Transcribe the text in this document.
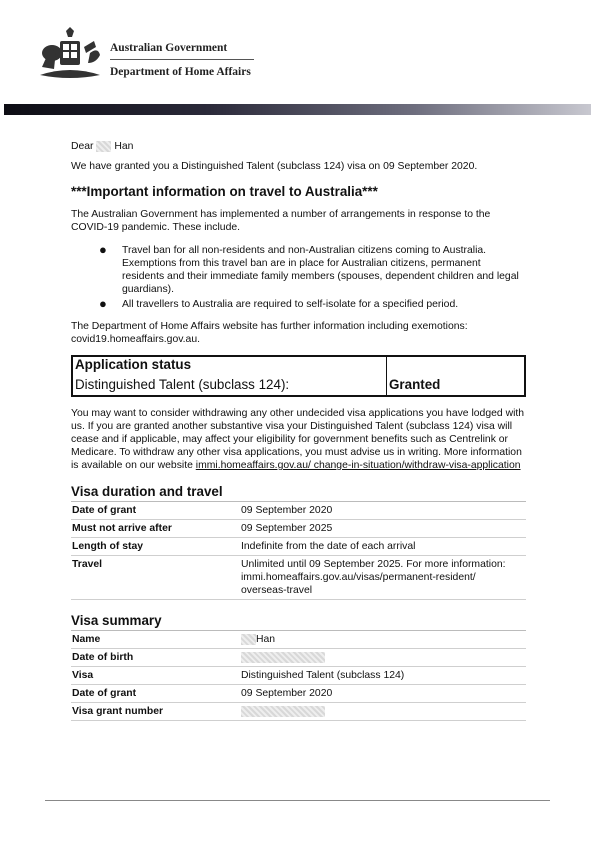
Australian Government
Department of Home Affairs

Dear Han

We have granted you a Distinguished Talent (subclass 124) visa on 09 September 2020.

***Important information on travel to Australia***

The Australian Government has implemented a number of arrangements in response to the COVID-19 pandemic. These include.

● Travel ban for all non-residents and non-Australian citizens coming to Australia. Exemptions from this travel ban are in place for Australian citizens, permanent residents and their immediate family members (spouses, dependent children and legal guardians).
● All travellers to Australia are required to self-isolate for a specified period.

The Department of Home Affairs website has further information including exemotions: covid19.homeaffairs.gov.au.

Application status
Distinguished Talent (subclass 124):	Granted

You may want to consider withdrawing any other undecided visa applications you have lodged with us. If you are granted another substantive visa your Distinguished Talent (subclass 124) visa will cease and if applicable, may affect your eligibility for government benefits such as Centrelink or Medicare. To withdraw any other visa applications, you must advise us in writing. More information is available on our website immi.homeaffairs.gov.au/ change-in-situation/withdraw-visa-application

Visa duration and travel
Date of grant	09 September 2020
Must not arrive after	09 September 2025
Length of stay	Indefinite from the date of each arrival
Travel	Unlimited until 09 September 2025. For more information: immi.homeaffairs.gov.au/visas/permanent-resident/ overseas-travel
Visa summary
Name	Han
Date of birth	
Visa	Distinguished Talent (subclass 124)
Date of grant	09 September 2020
Visa grant number	
